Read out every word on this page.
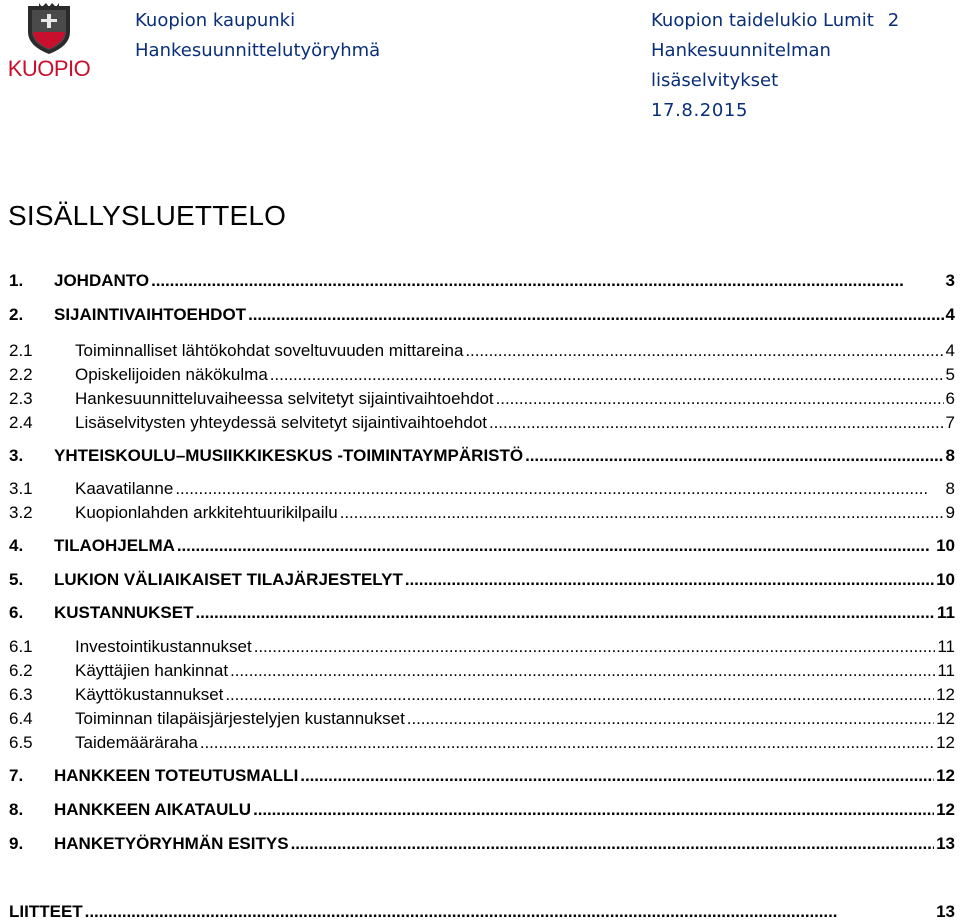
KUOPIO
Kuopion kaupunki
Hankesuunnittelutyöryhmä
Kuopion taidelukio Lumit 2
Hankesuunnitelman
lisäselvitykset
17.8.2015
SISÄLLYSLUETTELO
1.	JOHDANTO . . .	3
2.	SIJAINTIVAIHTOEHDOT . . .	4
2.1	Toiminnalliset lähtökohdat soveltuvuuden mittareina . . .	4
2.2	Opiskelijoiden näkökulma . . .	5
2.3	Hankesuunnitteluvaiheessa selvitetyt sijaintivaihtoehdot . . .	6
2.4	Lisäselvitysten yhteydessä selvitetyt sijaintivaihtoehdot . . .	7
3.	YHTEISKOULU–MUSIIKKIKESKUS -TOIMINTAYMPÄRISTÖ . . .	8
3.1	Kaavatilanne . . .	8
3.2	Kuopionlahden arkkitehtuurikilpailu . . .	9
4.	TILAOHJELMA . . .	10
5.	LUKION VÄLIAIKAISET TILAJÄRJESTELYT . . .	10
6.	KUSTANNUKSET . . .	11
6.1	Investointikustannukset . . .	11
6.2	Käyttäjien hankinnat . . .	11
6.3	Käyttökustannukset . . .	12
6.4	Toiminnan tilapäisjärjestelyjen kustannukset . . .	12
6.5	Taidemääräraha . . .	12
7.	HANKKEEN TOTEUTUSMALLI . . .	12
8.	HANKKEEN AIKATAULU . . .	12
9.	HANKETYÖRYHMÄN ESITYS . . .	13
LIITTEET . . .	13
